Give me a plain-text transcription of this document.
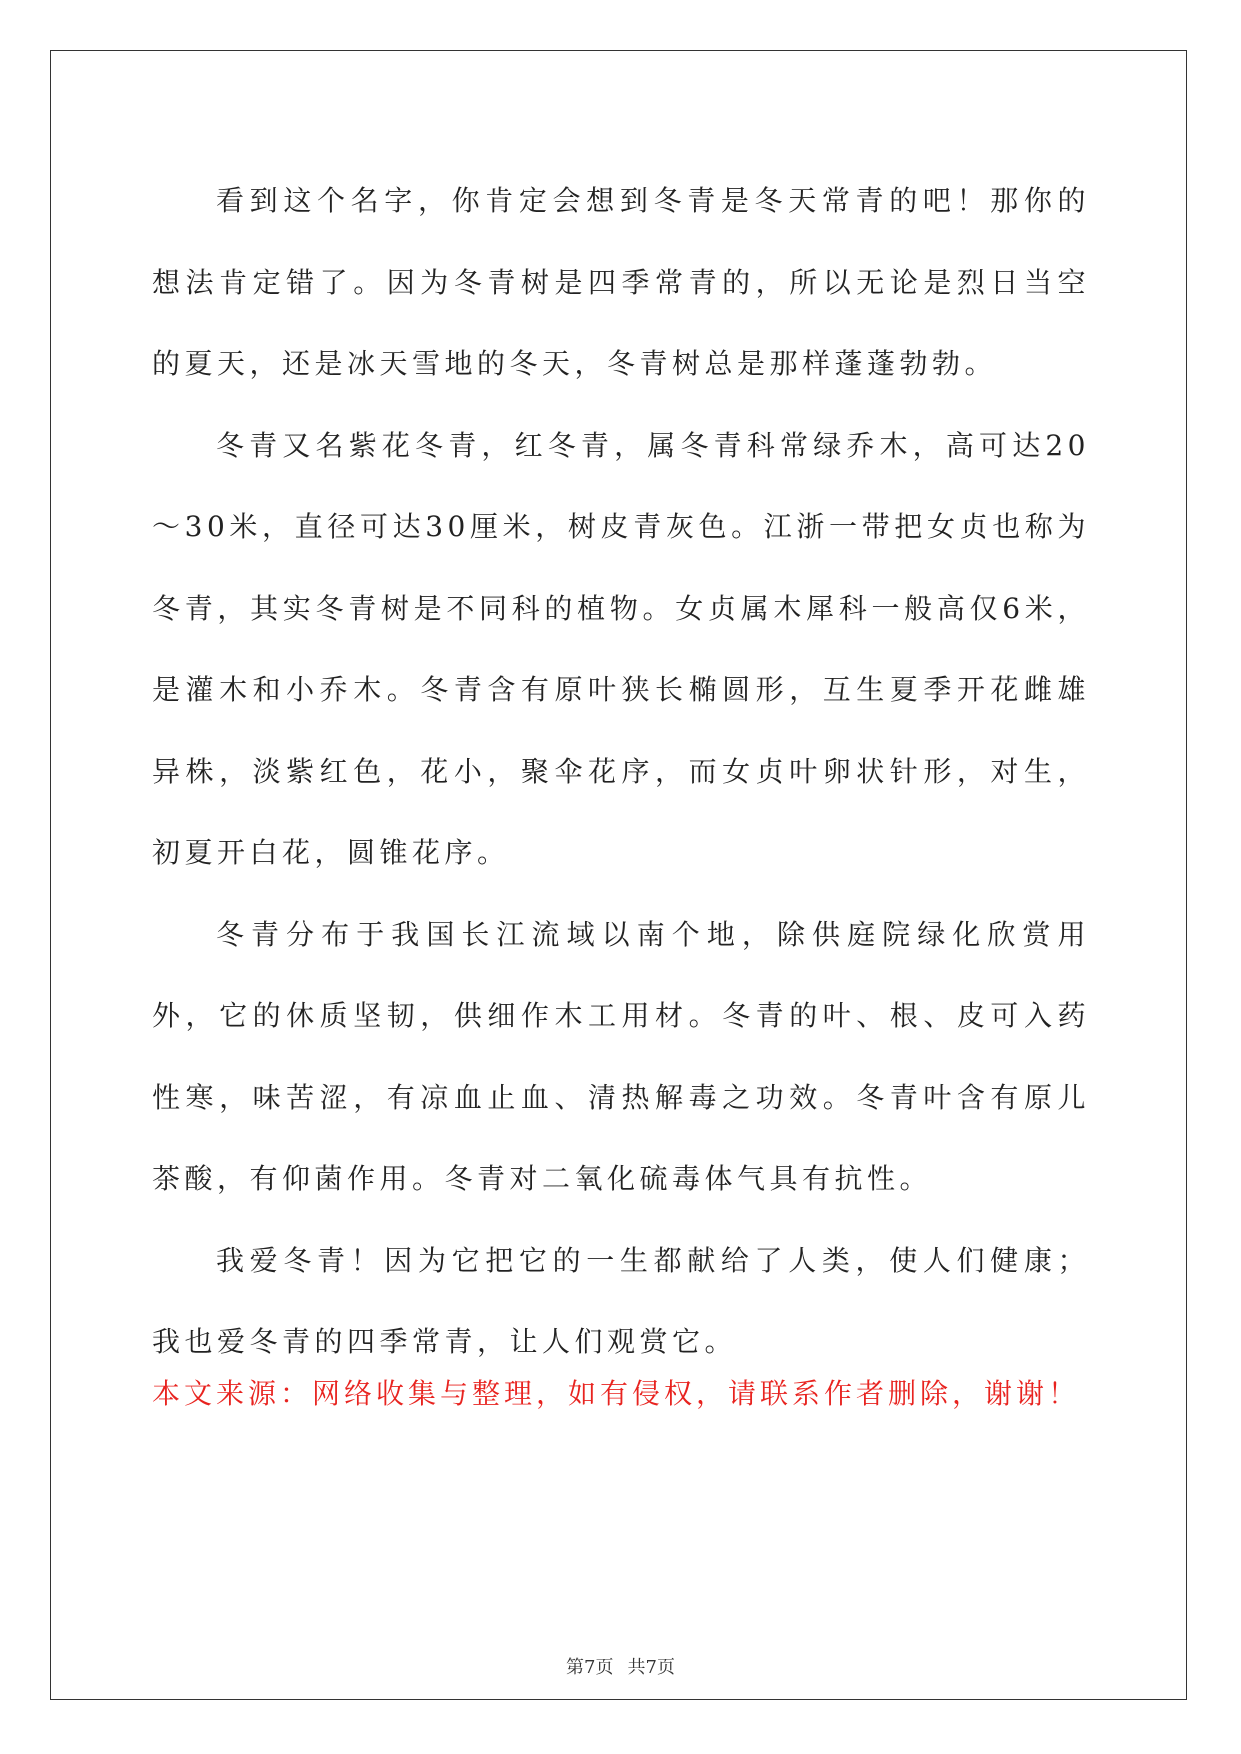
看到这个名字，你肯定会想到冬青是冬天常青的吧！那你的想法肯定错了。因为冬青树是四季常青的，所以无论是烈日当空的夏天，还是冰天雪地的冬天，冬青树总是那样蓬蓬勃勃。

冬青又名紫花冬青，红冬青，属冬青科常绿乔木，高可达20～30米，直径可达30厘米，树皮青灰色。江浙一带把女贞也称为冬青，其实冬青树是不同科的植物。女贞属木犀科一般高仅6米，是灌木和小乔木。冬青含有原叶狭长椭圆形，互生夏季开花雌雄异株，淡紫红色，花小，聚伞花序，而女贞叶卵状针形，对生，初夏开白花，圆锥花序。

冬青分布于我国长江流域以南个地，除供庭院绿化欣赏用外，它的休质坚韧，供细作木工用材。冬青的叶、根、皮可入药性寒，味苦涩，有凉血止血、清热解毒之功效。冬青叶含有原儿茶酸，有仰菌作用。冬青对二氧化硫毒体气具有抗性。

我爱冬青！因为它把它的一生都献给了人类，使人们健康；我也爱冬青的四季常青，让人们观赏它。

本文来源：网络收集与整理，如有侵权，请联系作者删除，谢谢！

第7页 共7页
